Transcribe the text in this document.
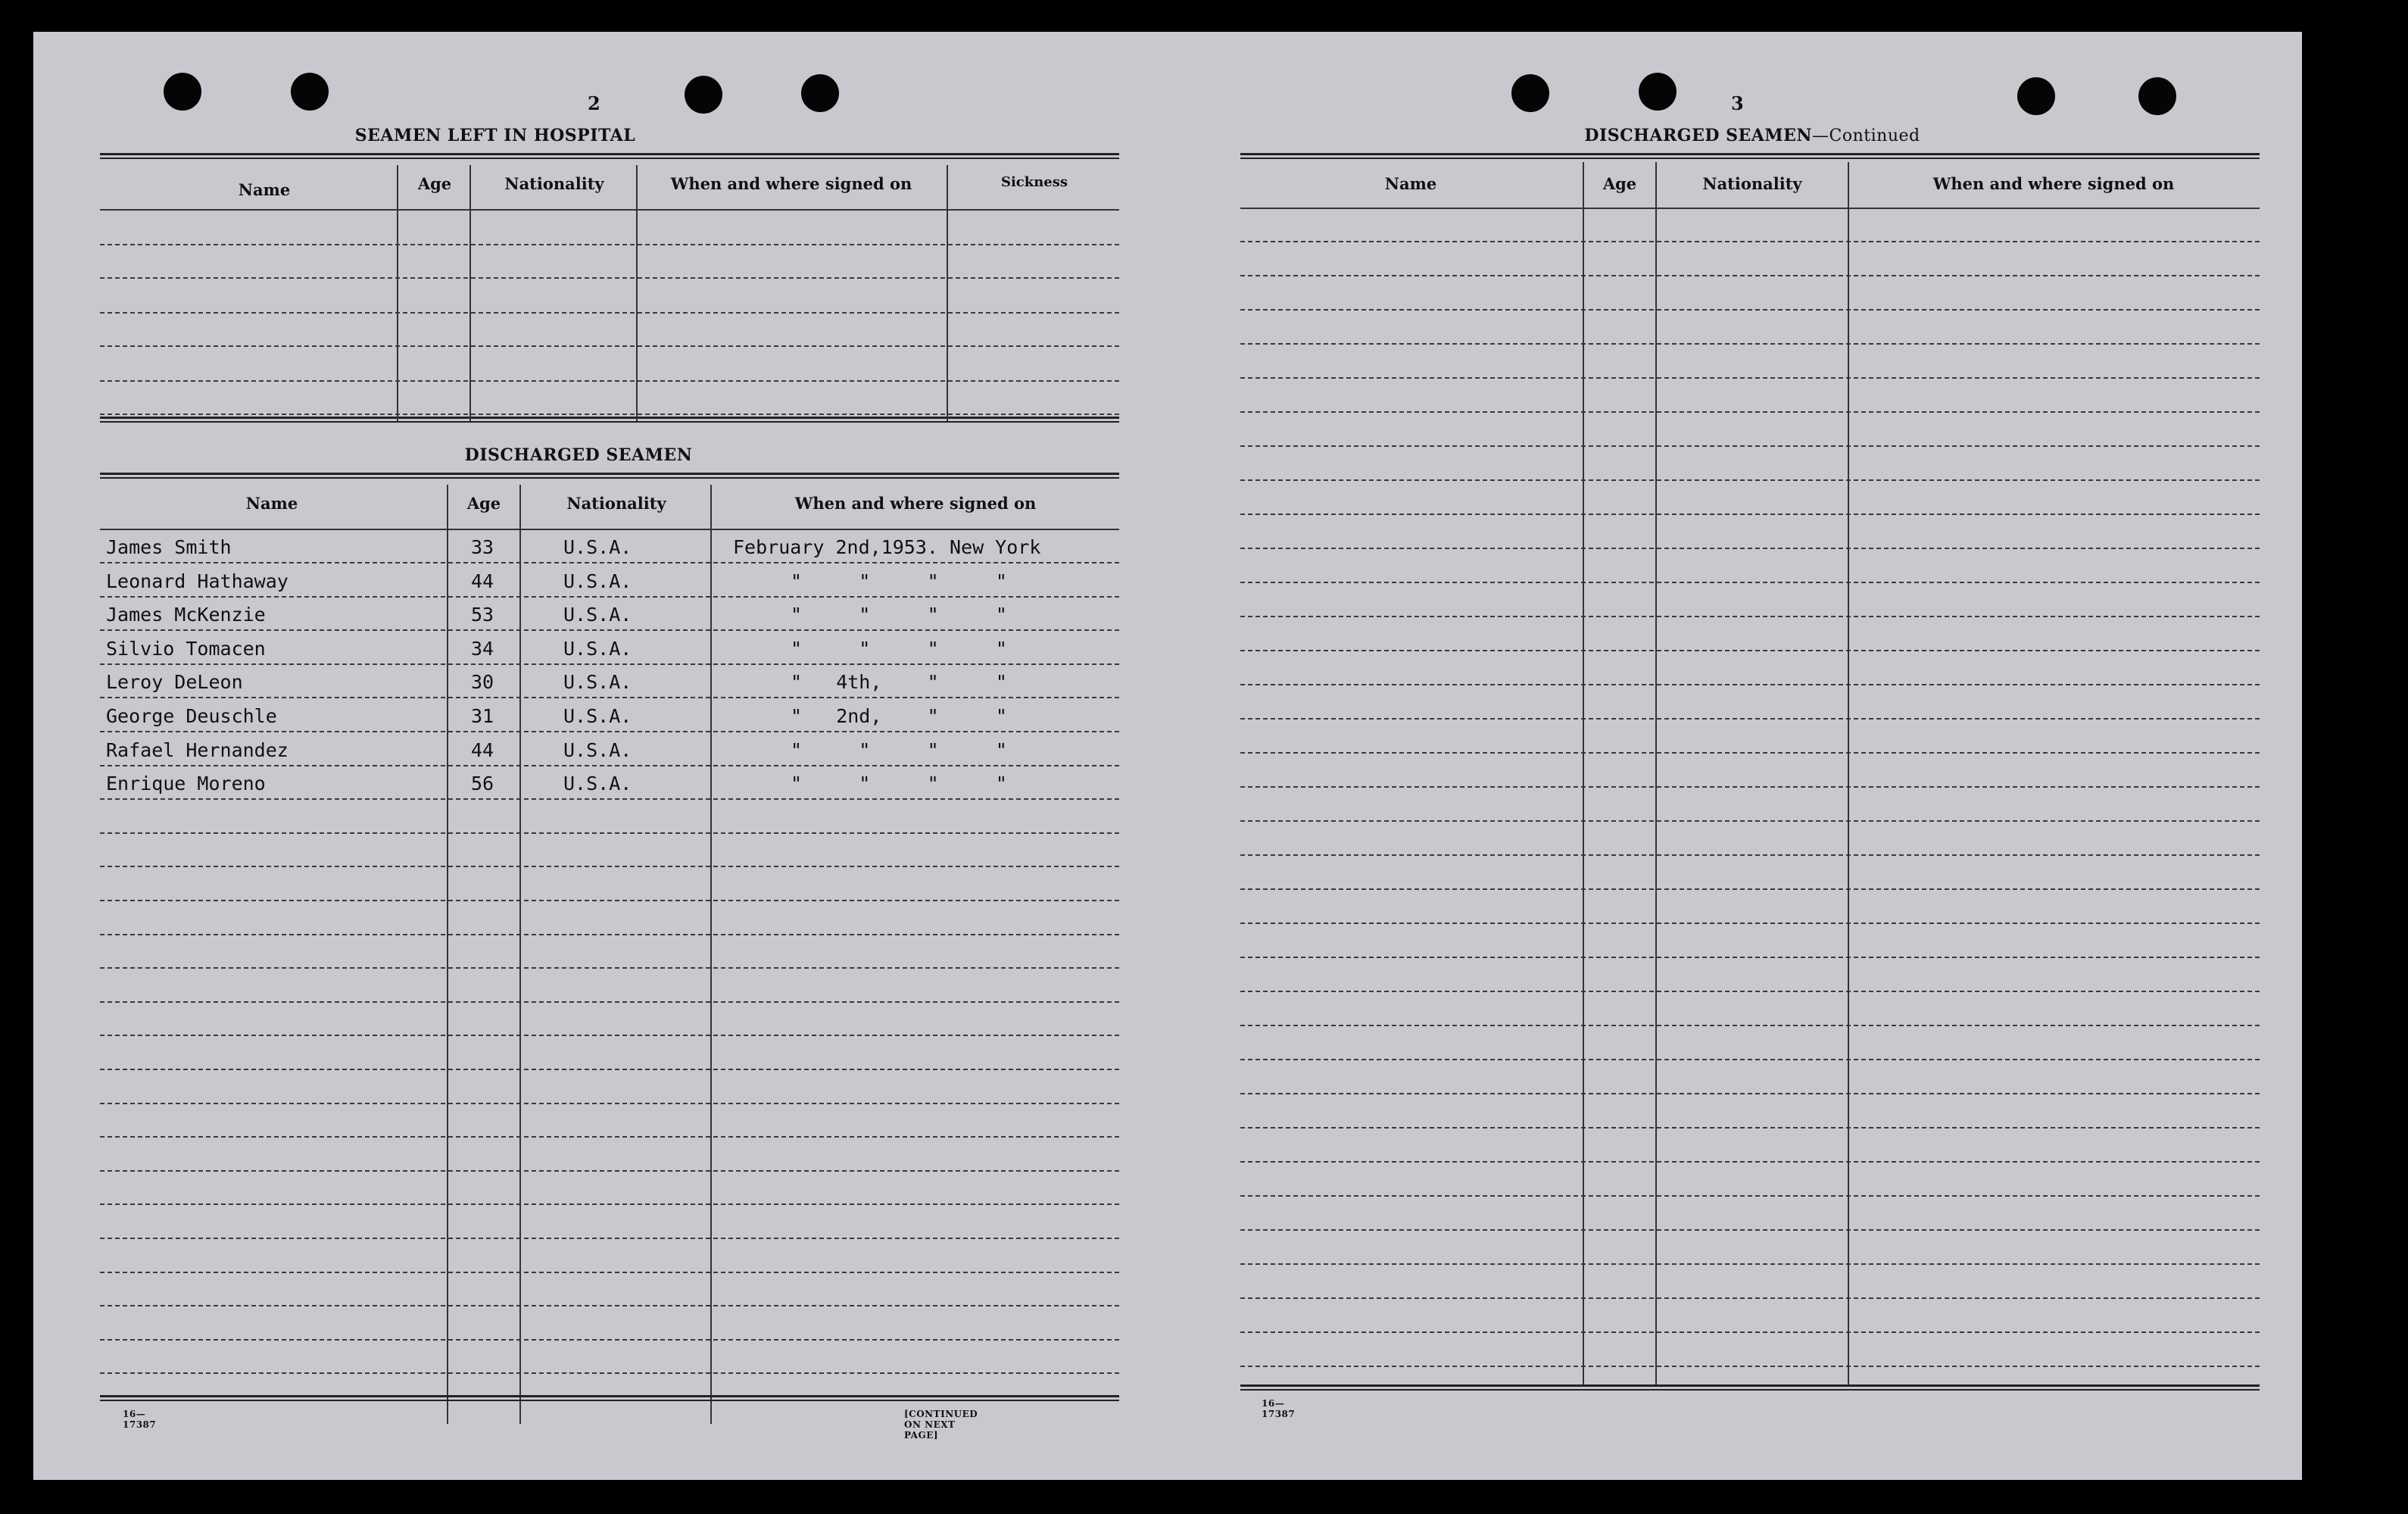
2
SEAMEN LEFT IN HOSPITAL
Name	Age	Nationality	When and where signed on	Sickness
DISCHARGED SEAMEN
Name	Age	Nationality	When and where signed on
James Smith	33	U.S.A.	February 2nd,1953. New York
Leonard Hathaway	44	U.S.A.	"     "     "     "
James McKenzie	53	U.S.A.	"     "     "     "
Silvio Tomacen	34	U.S.A.	"     "     "     "
Leroy DeLeon	30	U.S.A.	"   4th,    "     "
George Deuschle	31	U.S.A.	"   2nd,    "     "
Rafael Hernandez	44	U.S.A.	"     "     "     "
Enrique Moreno	56	U.S.A.	"     "     "     "
16—17387
[CONTINUED ON NEXT PAGE]
3
DISCHARGED SEAMEN—Continued
Name	Age	Nationality	When and where signed on
16—17387
